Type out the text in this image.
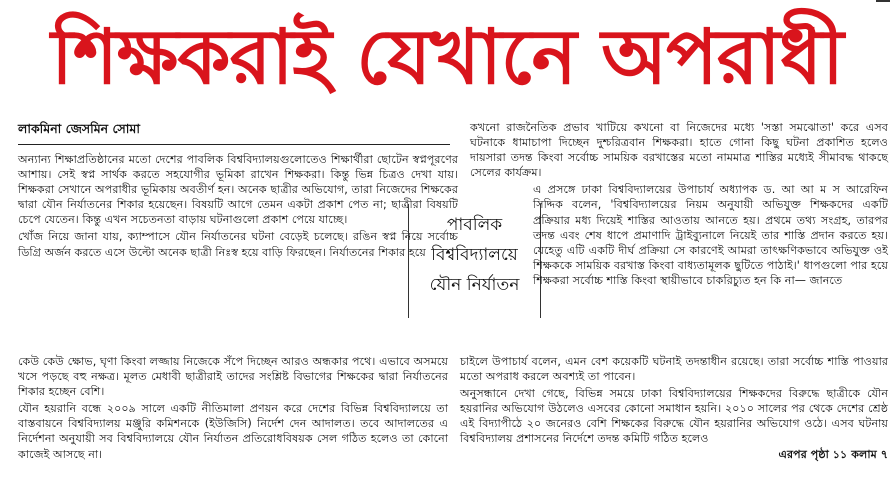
শিক্ষকরাই যেখানে অপরাধী
লাকমিনা জেসমিন সোমা

অন্যান্য শিক্ষাপ্রতিষ্ঠানের মতো দেশের পাবলিক বিশ্ববিদ্যালয়গুলোতেও শিক্ষার্থীরা ছোটেন স্বপ্নপূরণের আশায়। সেই স্বপ্ন সার্থক করতে সহযোগীর ভূমিকা রাখেন শিক্ষকরা। কিন্তু ভিন্ন চিত্রও দেখা যায়। শিক্ষকরা সেখানে অপরাধীর ভূমিকায় অবতীর্ণ হন। অনেক ছাত্রীর অভিযোগ, তারা নিজেদের শিক্ষকের দ্বারা যৌন নির্যাতনের শিকার হয়েছেন। বিষয়টি আগে তেমন একটা প্রকাশ পেত না; ছাত্রীরা বিষয়টি চেপে যেতেন। কিন্তু এখন সচেতনতা বাড়ায় ঘটনাগুলো প্রকাশ পেয়ে যাচ্ছে।

খোঁজ নিয়ে জানা যায়, ক্যাম্পাসে যৌন নির্যাতনের ঘটনা বেড়েই চলেছে। রঙিন স্বপ্ন নিয়ে সর্বোচ্চ ডিগ্রি অর্জন করতে এসে উল্টো অনেক ছাত্রী নিঃস্ব হয়ে বাড়ি ফিরছেন। নির্যাতনের শিকার হয়ে

পাবলিক
বিশ্ববিদ্যালয়ে
যৌন নির্যাতন

কখনো রাজনৈতিক প্রভাব খাটিয়ে কখনো বা নিজেদের মধ্যে 'সস্তা সমঝোতা' করে এসব ঘটনাকে ধামাচাপা দিচ্ছেন দুশ্চরিত্রবান শিক্ষকরা। হাতে গোনা কিছু ঘটনা প্রকাশিত হলেও দায়সারা তদন্ত কিংবা সর্বোচ্চ সাময়িক বরখাস্তের মতো নামমাত্র শাস্তির মধ্যেই সীমাবদ্ধ থাকছে সেলের কার্যক্রম।

এ প্রসঙ্গে ঢাকা বিশ্ববিদ্যালয়ের উপাচার্য অধ্যাপক ড. আ আ ম স আরেফিন সিদ্দিক বলেন, 'বিশ্ববিদ্যালয়ের নিয়ম অনুযায়ী অভিযুক্ত শিক্ষকদের একটি প্রক্রিয়ার মধ্য দিয়েই শাস্তির আওতায় আনতে হয়। প্রথমে তথ্য সংগ্রহ, তারপর তদন্ত এবং শেষ ধাপে প্রমাণাদি ট্রাইব্যুনালে নিয়েই তার শাস্তি প্রদান করতে হয়। যেহেতু এটি একটি দীর্ঘ প্রক্রিয়া সে কারণেই আমরা তাৎক্ষণিকভাবে অভিযুক্ত ওই শিক্ষককে সাময়িক বরখাস্ত কিংবা বাধ্যতামূলক ছুটিতে পাঠাই।' ধাপগুলো পার হয়ে শিক্ষকরা সর্বোচ্চ শাস্তি কিংবা স্থায়ীভাবে চাকরিচ্যুত হন কি না— জানতে

কেউ কেউ ক্ষোভ, ঘৃণা কিংবা লজ্জায় নিজেকে সঁপে দিচ্ছেন আরও অন্ধকার পথে। এভাবে অসময়ে খসে পড়ছে বহু নক্ষত্র। মূলত মেধাবী ছাত্রীরাই তাদের সংশ্লিষ্ট বিভাগের শিক্ষকের দ্বারা নির্যাতনের শিকার হচ্ছেন বেশি।

যৌন হয়রানি বন্ধে ২০০৯ সালে একটি নীতিমালা প্রণয়ন করে দেশের বিভিন্ন বিশ্ববিদ্যালয়ে তা বাস্তবায়নে বিশ্ববিদ্যালয় মঞ্জুরি কমিশনকে (ইউজিসি) নির্দেশ দেন আদালত। তবে আদালতের এ নির্দেশনা অনুযায়ী সব বিশ্ববিদ্যালয়ে যৌন নির্যাতন প্রতিরোধবিষয়ক সেল গঠিত হলেও তা কোনো কাজেই আসছে না।

চাইলে উপাচার্য বলেন, এমন বেশ কয়েকটি ঘটনাই তদন্তাধীন রয়েছে। তারা সর্বোচ্চ শাস্তি পাওয়ার মতো অপরাধ করলে অবশ্যই তা পাবেন।

অনুসন্ধানে দেখা গেছে, বিভিন্ন সময়ে ঢাকা বিশ্ববিদ্যালয়ের শিক্ষকদের বিরুদ্ধে ছাত্রীকে যৌন হয়রানির অভিযোগ উঠলেও এসবের কোনো সমাধান হয়নি। ২০১০ সালের পর থেকে দেশের শ্রেষ্ঠ এই বিদ্যাপীঠে ২০ জনেরও বেশি শিক্ষকের বিরুদ্ধে যৌন হয়রানির অভিযোগ ওঠে। এসব ঘটনায় বিশ্ববিদ্যালয় প্রশাসনের নির্দেশে তদন্ত কমিটি গঠিত হলেও

এরপর পৃষ্ঠা ১১ কলাম ৭
